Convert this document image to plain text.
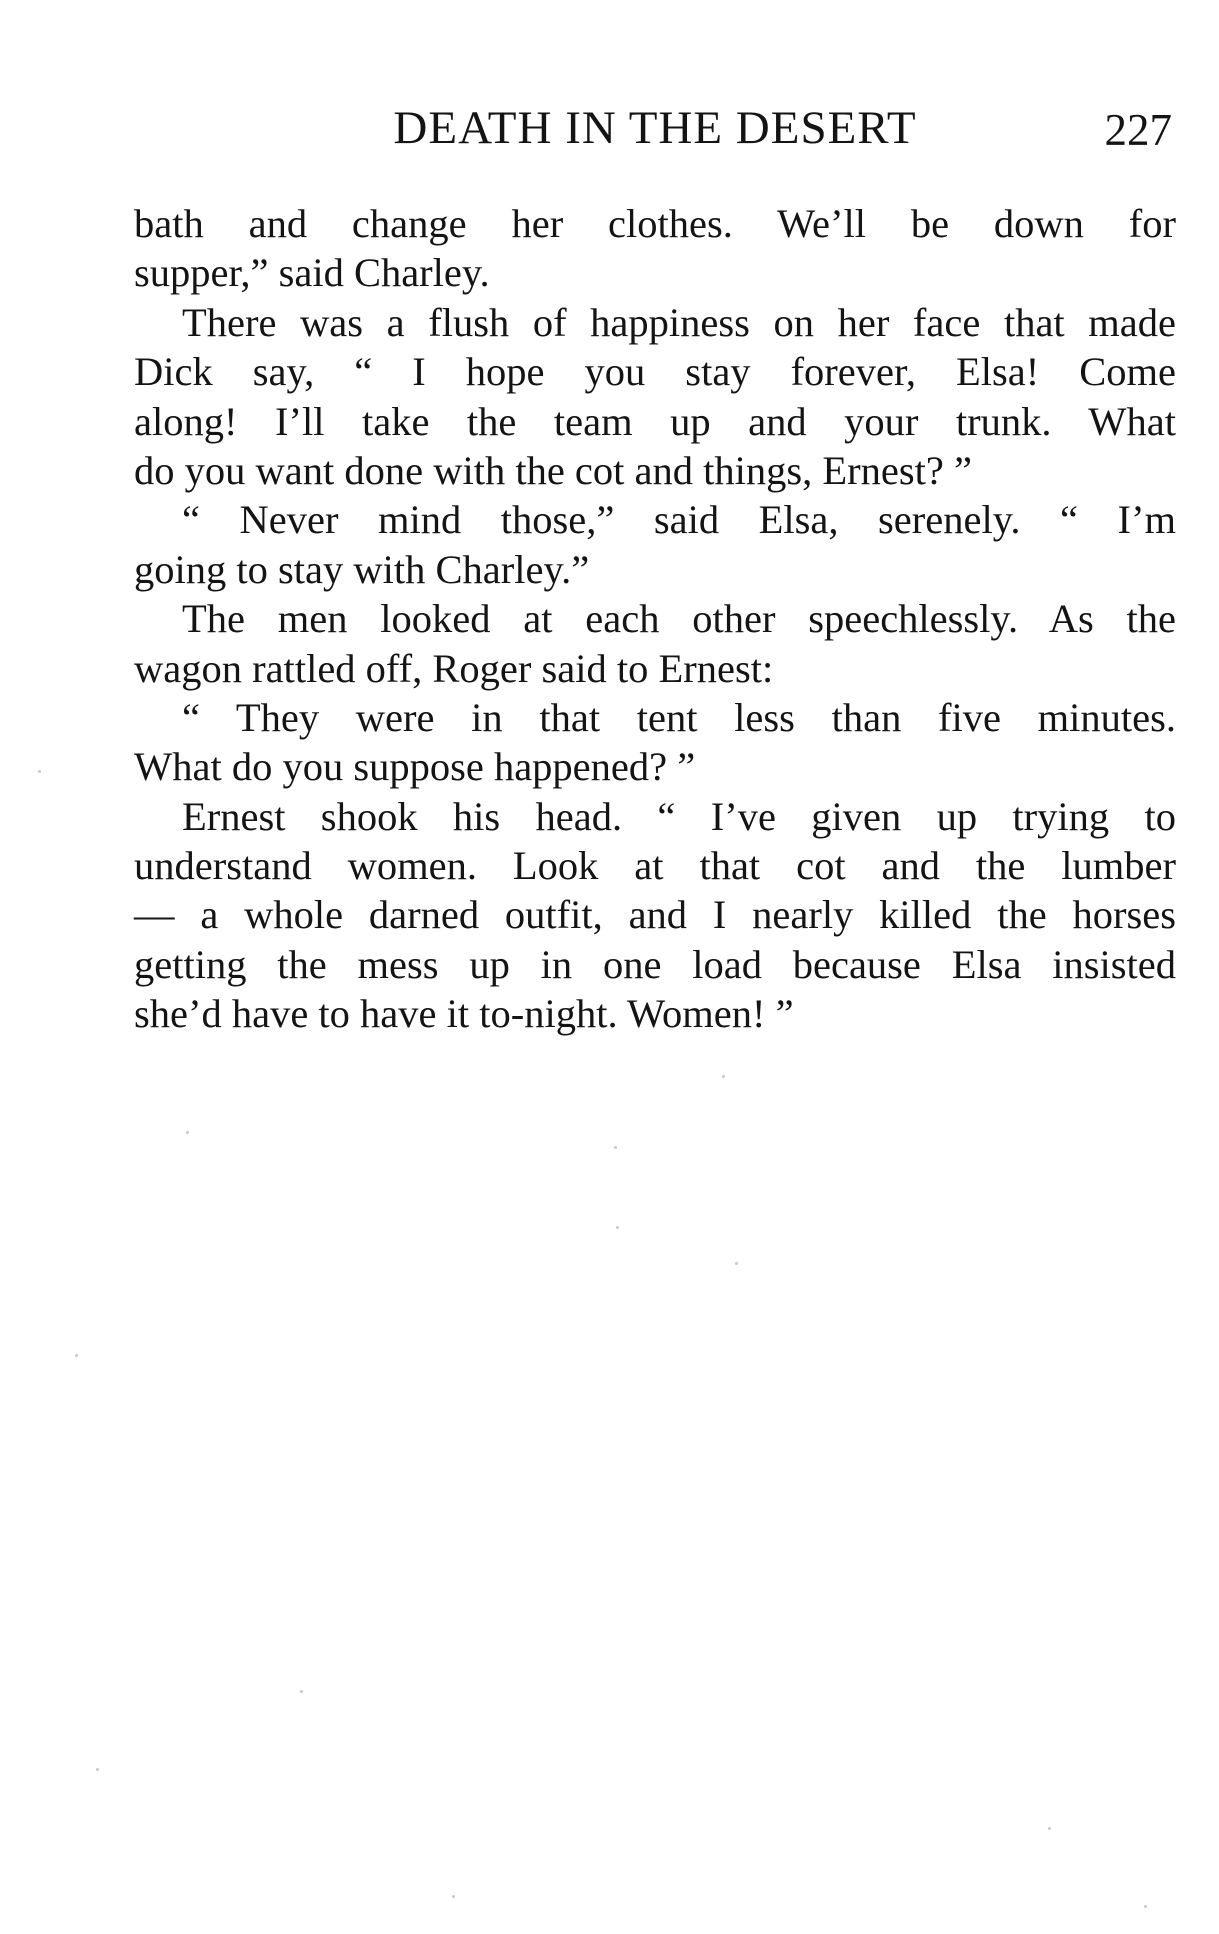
DEATH IN THE DESERT	227
bath and change her clothes. We’ll be down for
supper,” said Charley.
There was a flush of happiness on her face that made
Dick say, “ I hope you stay forever, Elsa! Come
along! I’ll take the team up and your trunk. What
do you want done with the cot and things, Ernest? ”
“ Never mind those,” said Elsa, serenely. “ I’m
going to stay with Charley.”
The men looked at each other speechlessly. As the
wagon rattled off, Roger said to Ernest:
“ They were in that tent less than five minutes.
What do you suppose happened? ”
Ernest shook his head. “ I’ve given up trying to
understand women. Look at that cot and the lumber
— a whole darned outfit, and I nearly killed the horses
getting the mess up in one load because Elsa insisted
she’d have to have it to-night. Women! ”
